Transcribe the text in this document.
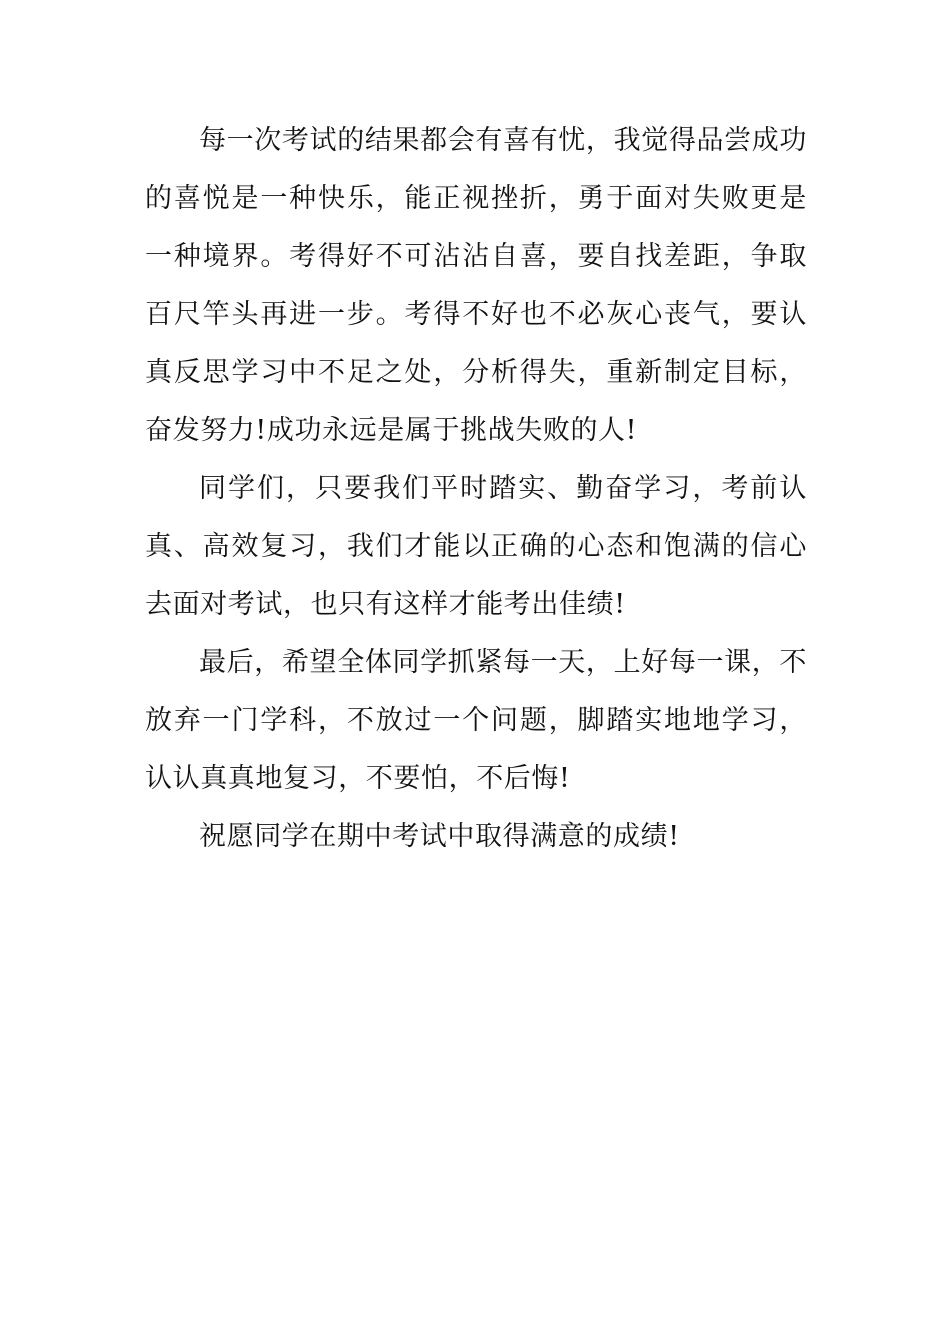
每一次考试的结果都会有喜有忧，我觉得品尝成功的喜悦是一种快乐，能正视挫折，勇于面对失败更是一种境界。考得好不可沾沾自喜，要自找差距，争取百尺竿头再进一步。考得不好也不必灰心丧气，要认真反思学习中不足之处，分析得失，重新制定目标，奋发努力!成功永远是属于挑战失败的人!

同学们，只要我们平时踏实、勤奋学习，考前认真、高效复习，我们才能以正确的心态和饱满的信心去面对考试，也只有这样才能考出佳绩!

最后，希望全体同学抓紧每一天，上好每一课，不放弃一门学科，不放过一个问题，脚踏实地地学习，认认真真地复习，不要怕，不后悔!

祝愿同学在期中考试中取得满意的成绩!
